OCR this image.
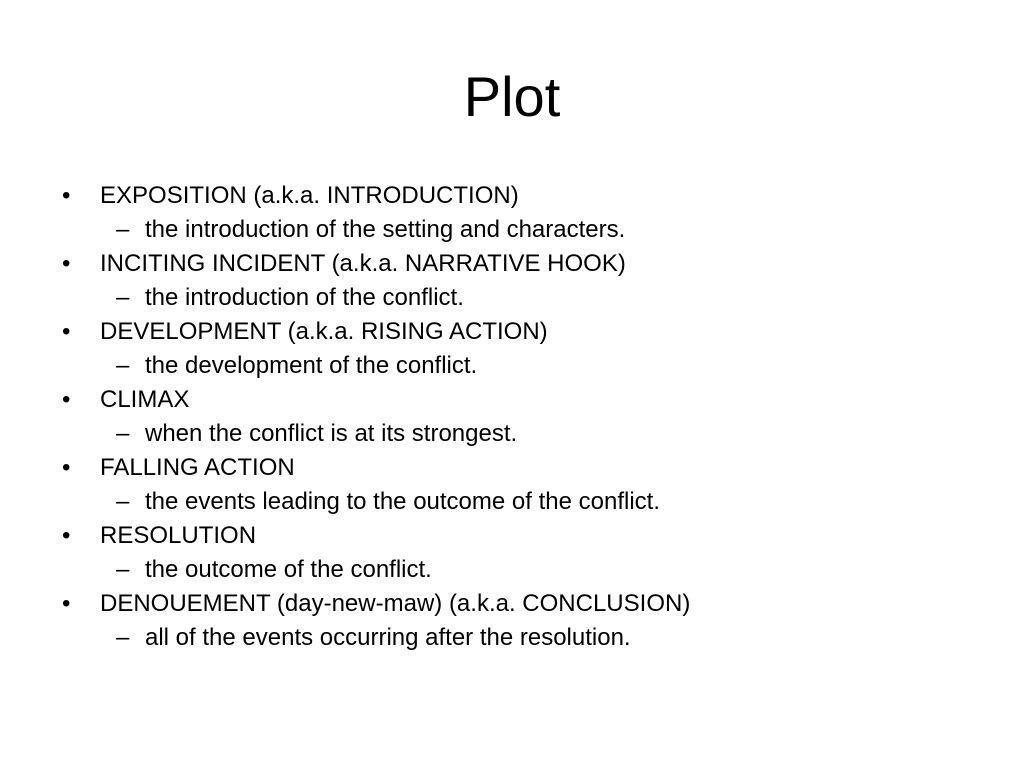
Plot
• EXPOSITION (a.k.a. INTRODUCTION)
– the introduction of the setting and characters.
• INCITING INCIDENT (a.k.a. NARRATIVE HOOK)
– the introduction of the conflict.
• DEVELOPMENT (a.k.a. RISING ACTION)
– the development of the conflict.
• CLIMAX
– when the conflict is at its strongest.
• FALLING ACTION
– the events leading to the outcome of the conflict.
• RESOLUTION
– the outcome of the conflict.
• DENOUEMENT (day-new-maw) (a.k.a. CONCLUSION)
– all of the events occurring after the resolution.
